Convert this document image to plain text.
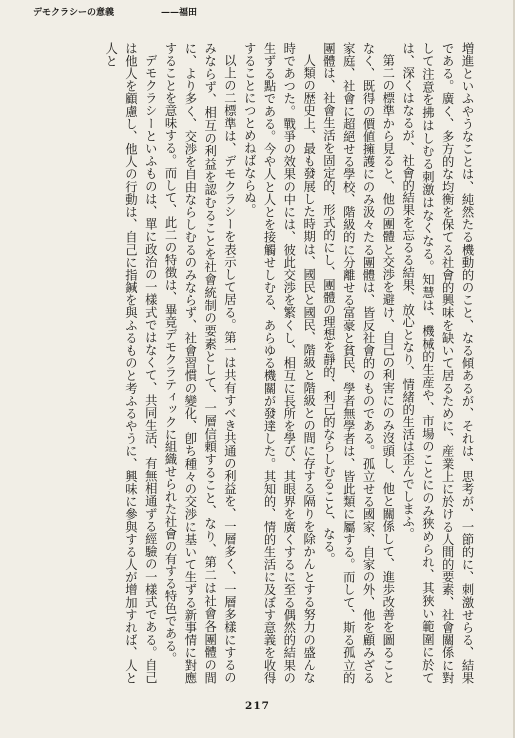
デモクラシーの意義	——福田

増進といふやうなことは、純然たる機動的のこと、なる傾あるが、それは、思考が、一節的に、刺激せらる、結果である。廣く、多方的な均衡を保てる社會的興味を缺いて居るために、産業上に於ける人間的要素、社會關係に對して注意を拂はしむる刺激はなくなる。知慧は、機械的生産や、市場のことにのみ狹められ、其狹い範圍に於ては、深くはなるが、社會的結果を忘るる結果、放心となり、情緒的生活は歪んでしまふ。

第二の標準から見ると、他の團體と交渉を避け、自己の利害にのみ沒頭し、他と關係して、進歩改善を圖ることなく、既得の價値擁護にのみ汲々たる團體は、皆反社會的のものである。孤立せる國家、自家の外、他を顧みざる家庭、社會に超絕せる學校、階級的に分離せる富豪と貧民、學者無學者は、皆此類に屬する。而して、斯る孤立的團體は、社會生活を固定的、形式的にし、團體の理想を靜的、利己的ならしむること、なる。

人類の歴史上、最も發展した時期は、國民と國民、階級と階級との間に存する隔りを除かんとする努力の盛んな時であつた。戰爭の效果の中には、彼此交渉を繁くし、相互に長所を學び、其眼界を廣くするに至る偶然的結果の生ずる點である。今や人と人とを接觸せしむる、あらゆる機關が發達した。其知的、情的生活に及ぼす意義を收得することにつとめねばならぬ。

以上の二標準は、デモクラシーを表示して居る。第一は共有すべき共通の利益を、一層多く、一層多樣にするのみならず、相互の利益を認むることを社會統制の要素として、一層信頼すること、なり、第二は社會各團體の間に、より多く、交渉を自由ならしむるのみならず、社會習慣の變化、卽ち種々の交渉に基いて生ずる新事情に對應することを意味する。而して、此二の特徴は、畢竟デモクラティックに組織せられた社會の有する特色である。

デモクラシーといふものは、單に政治の一樣式ではなくて、共同生活、有無相通ずる經驗の一樣式である。自己は他人を顧慮し、他人の行動は、自己に指鍼を與ふるものと考ふるやうに、興味に參與する人が增加すれば、人と人と

217
